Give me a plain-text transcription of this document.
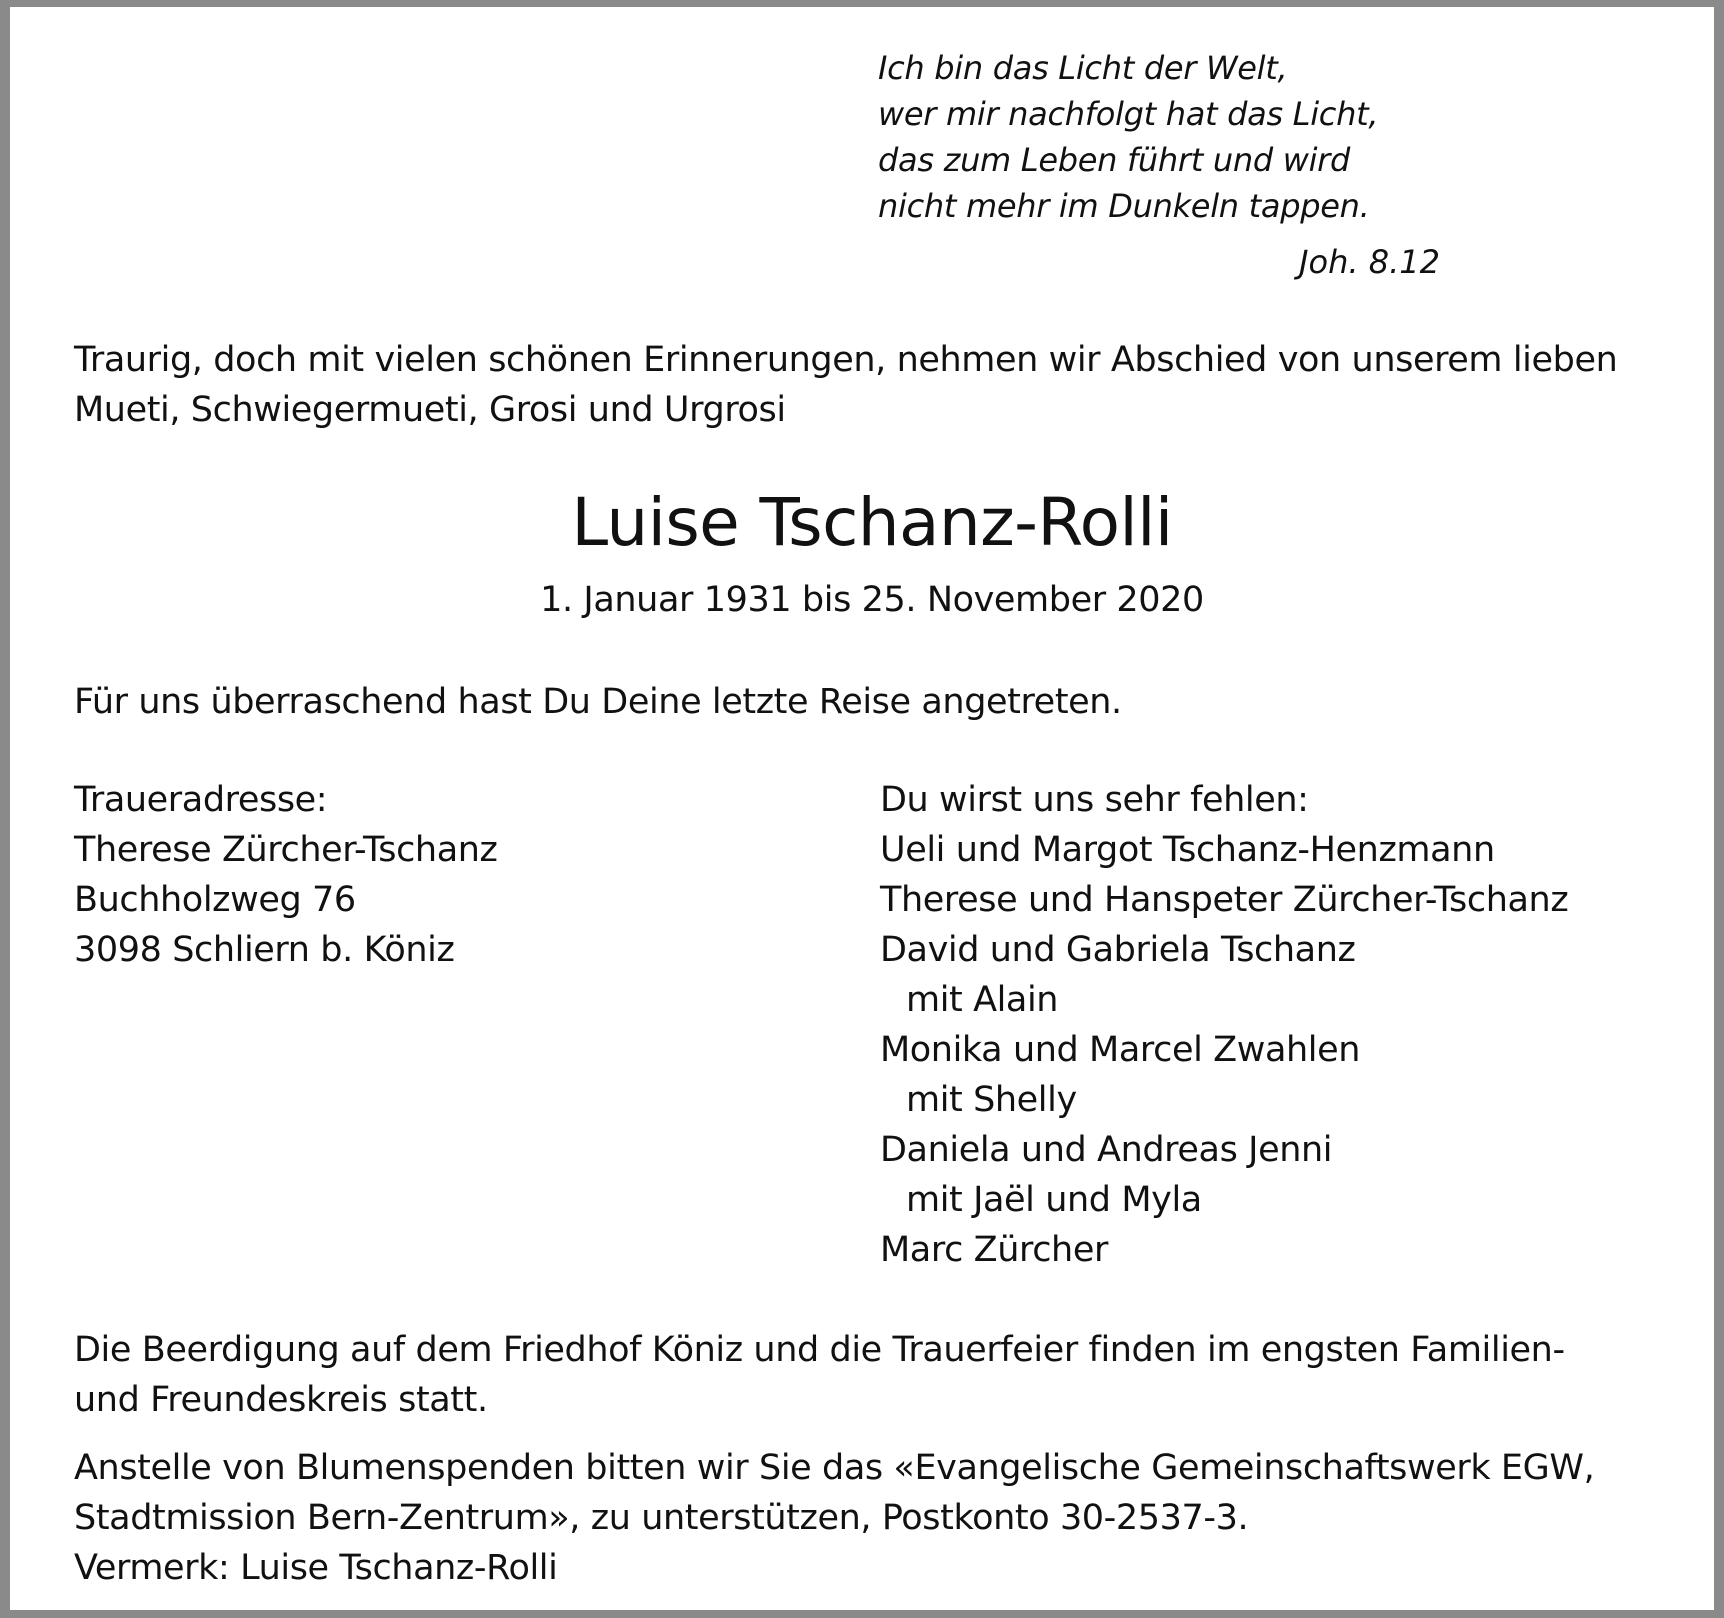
Ich bin das Licht der Welt,
wer mir nachfolgt hat das Licht,
das zum Leben führt und wird
nicht mehr im Dunkeln tappen.
Joh. 8.12
Traurig, doch mit vielen schönen Erinnerungen, nehmen wir Abschied von unserem lieben
Mueti, Schwiegermueti, Grosi und Urgrosi
Luise Tschanz-Rolli
1. Januar 1931 bis 25. November 2020
Für uns überraschend hast Du Deine letzte Reise angetreten.
Traueradresse:
Therese Zürcher-Tschanz
Buchholzweg 76
3098 Schliern b. Köniz
Du wirst uns sehr fehlen:
Ueli und Margot Tschanz-Henzmann
Therese und Hanspeter Zürcher-Tschanz
David und Gabriela Tschanz
mit Alain
Monika und Marcel Zwahlen
mit Shelly
Daniela und Andreas Jenni
mit Jaël und Myla
Marc Zürcher
Die Beerdigung auf dem Friedhof Köniz und die Trauerfeier finden im engsten Familien-
und Freundeskreis statt.
Anstelle von Blumenspenden bitten wir Sie das «Evangelische Gemeinschaftswerk EGW,
Stadtmission Bern-Zentrum», zu unterstützen, Postkonto 30-2537-3.
Vermerk: Luise Tschanz-Rolli
